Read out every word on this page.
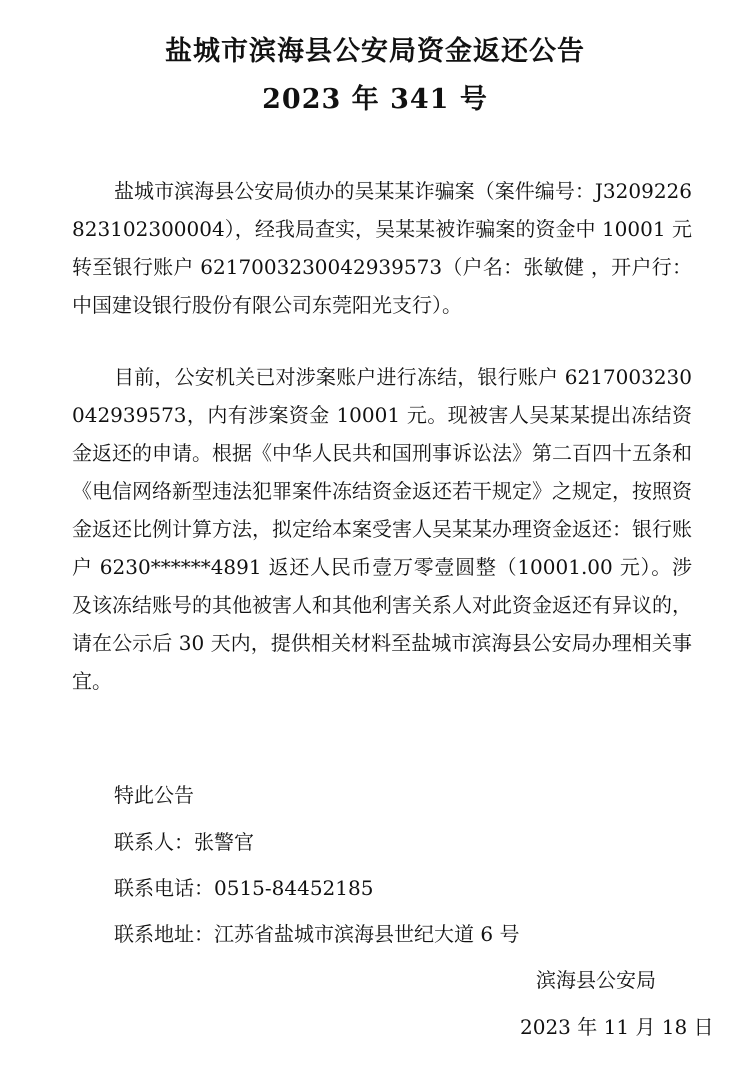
盐城市滨海县公安局资金返还公告
2023 年 341 号
盐城市滨海县公安局侦办的吴某某诈骗案（案件编号：J3209226823102300004），经我局查实，吴某某被诈骗案的资金中 10001 元转至银行账户 6217003230042939573（户名：张敏健 ，开户行：中国建设银行股份有限公司东莞阳光支行）。
目前，公安机关已对涉案账户进行冻结，银行账户 6217003230042939573，内有涉案资金 10001 元。现被害人吴某某提出冻结资金返还的申请。根据《中华人民共和国刑事诉讼法》第二百四十五条和《电信网络新型违法犯罪案件冻结资金返还若干规定》之规定，按照资金返还比例计算方法，拟定给本案受害人吴某某办理资金返还：银行账户 6230******4891 返还人民币壹万零壹圆整（10001.00 元）。涉及该冻结账号的其他被害人和其他利害关系人对此资金返还有异议的，请在公示后 30 天内，提供相关材料至盐城市滨海县公安局办理相关事宜。
特此公告
联系人：张警官
联系电话：0515-84452185
联系地址：江苏省盐城市滨海县世纪大道 6 号
滨海县公安局
2023 年 11 月 18 日
